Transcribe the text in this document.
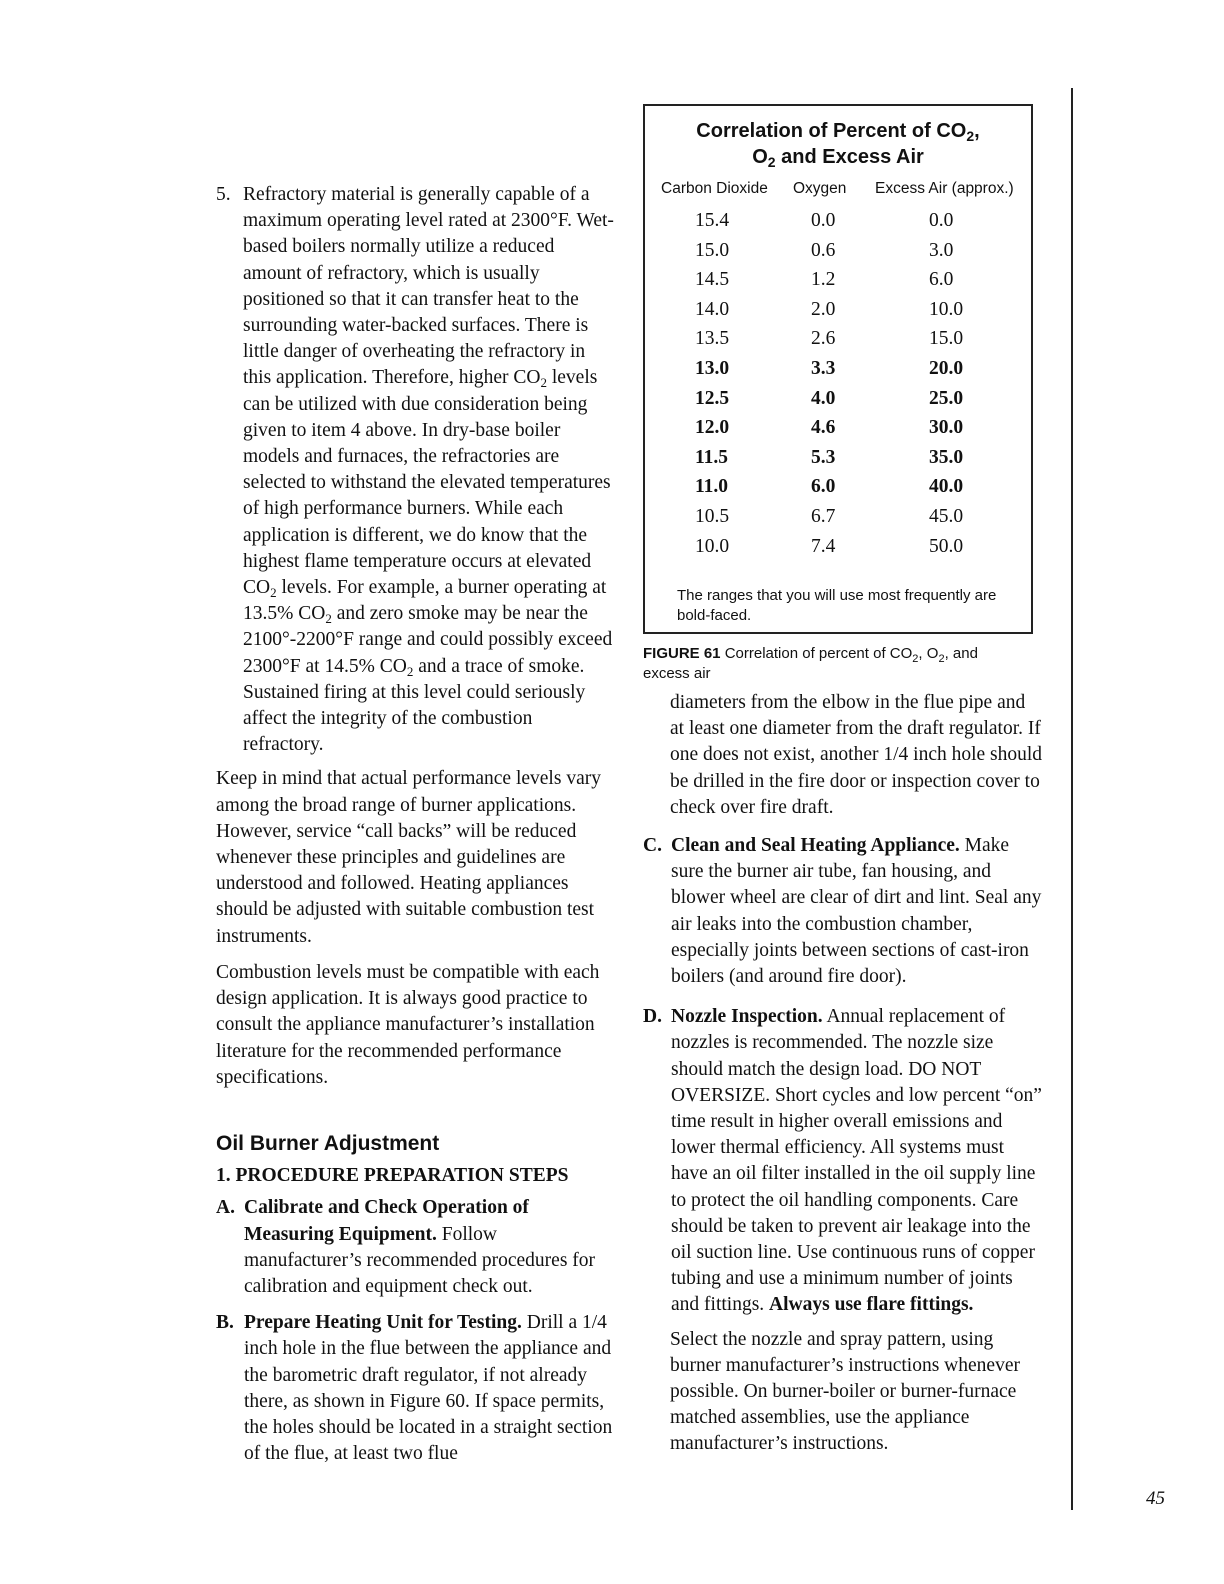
5. Refractory material is generally capable of a maximum operating level rated at 2300°F. Wet-based boilers normally utilize a reduced amount of refractory, which is usually positioned so that it can transfer heat to the surrounding water-backed surfaces. There is little danger of overheating the refractory in this application. Therefore, higher $CO_2$ levels can be utilized with due consideration being given to item 4 above. In dry-base boiler models and furnaces, the refractories are selected to withstand the elevated temperatures of high performance burners. While each application is different, we do know that the highest flame temperature occurs at elevated $CO_2$ levels. For example, a burner operating at 13.5% $CO_2$ and zero smoke may be near the 2100°-2200°F range and could possibly exceed 2300°F at 14.5% $CO_2$ and a trace of smoke. Sustained firing at this level could seriously affect the integrity of the combustion refractory.

Keep in mind that actual performance levels vary among the broad range of burner applications. However, service “call backs” will be reduced whenever these principles and guidelines are understood and followed. Heating appliances should be adjusted with suitable combustion test instruments.

Combustion levels must be compatible with each design application. It is always good practice to consult the appliance manufacturer’s installation literature for the recommended performance specifications.

Oil Burner Adjustment
1. PROCEDURE PREPARATION STEPS
A. Calibrate and Check Operation of Measuring Equipment. Follow manufacturer’s recommended procedures for calibration and equipment check out.
B. Prepare Heating Unit for Testing. Drill a 1/4 inch hole in the flue between the appliance and the barometric draft regulator, if not already there, as shown in Figure 60. If space permits, the holes should be located in a straight section of the flue, at least two flue
Correlation of Percent of $CO_2$,
$O_2$ and Excess Air
Carbon Dioxide Oxygen Excess Air (approx.)
15.4	0.0	0.0
15.0	0.6	3.0
14.5	1.2	6.0
14.0	2.0	10.0
13.5	2.6	15.0
13.0	3.3	20.0
12.5	4.0	25.0
12.0	4.6	30.0
11.5	5.3	35.0
11.0	6.0	40.0
10.5	6.7	45.0
10.0	7.4	50.0
The ranges that you will use most frequently are bold-faced.
FIGURE 61 Correlation of percent of $CO_2$, $O_2$, and excess air

diameters from the elbow in the flue pipe and at least one diameter from the draft regulator. If one does not exist, another 1/4 inch hole should be drilled in the fire door or inspection cover to check over fire draft.

C. Clean and Seal Heating Appliance. Make sure the burner air tube, fan housing, and blower wheel are clear of dirt and lint. Seal any air leaks into the combustion chamber, especially joints between sections of cast-iron boilers (and around fire door).
D. Nozzle Inspection. Annual replacement of nozzles is recommended. The nozzle size should match the design load. DO NOT OVERSIZE. Short cycles and low percent “on” time result in higher overall emissions and lower thermal efficiency. All systems must have an oil filter installed in the oil supply line to protect the oil handling components. Care should be taken to prevent air leakage into the oil suction line. Use continuous runs of copper tubing and use a minimum number of joints and fittings. Always use flare fittings.

Select the nozzle and spray pattern, using burner manufacturer’s instructions whenever possible. On burner-boiler or burner-furnace matched assemblies, use the appliance manufacturer’s instructions.

45
